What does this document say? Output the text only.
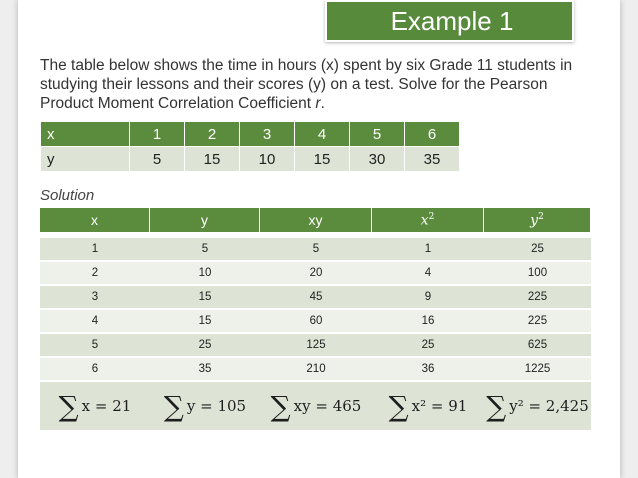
Example 1
The table below shows the time in hours (x) spent by six Grade 11 students in studying their lessons and their scores (y) on a test. Solve for the Pearson Product Moment Correlation Coefficient r.
x	1	2	3	4	5	6
y	5	15	10	15	30	35
Solution
x	y	xy	$x^2$	$y^2$

1	5	5	1	25
2	10	20	4	100
3	15	45	9	225
4	15	60	16	225
5	25	125	25	625
6	35	210	36	1225
∑ x = 21	∑ y = 105	∑ xy = 465	∑ x² = 91	∑ y² = 2,425
